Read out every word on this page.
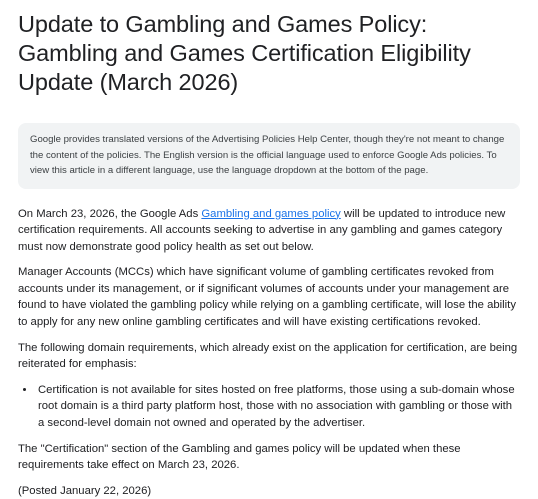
Update to Gambling and Games Policy: Gambling and Games Certification Eligibility Update (March 2026)
Google provides translated versions of the Advertising Policies Help Center, though they're not meant to change the content of the policies. The English version is the official language used to enforce Google Ads policies. To view this article in a different language, use the language dropdown at the bottom of the page.

On March 23, 2026, the Google Ads Gambling and games policy will be updated to introduce new certification requirements. All accounts seeking to advertise in any gambling and games category must now demonstrate good policy health as set out below.

Manager Accounts (MCCs) which have significant volume of gambling certificates revoked from accounts under its management, or if significant volumes of accounts under your management are found to have violated the gambling policy while relying on a gambling certificate, will lose the ability to apply for any new online gambling certificates and will have existing certifications revoked.

The following domain requirements, which already exist on the application for certification, are being reiterated for emphasis:

• Certification is not available for sites hosted on free platforms, those using a sub-domain whose root domain is a third party platform host, those with no association with gambling or those with a second-level domain not owned and operated by the advertiser.

The "Certification" section of the Gambling and games policy will be updated when these requirements take effect on March 23, 2026.

(Posted January 22, 2026)
